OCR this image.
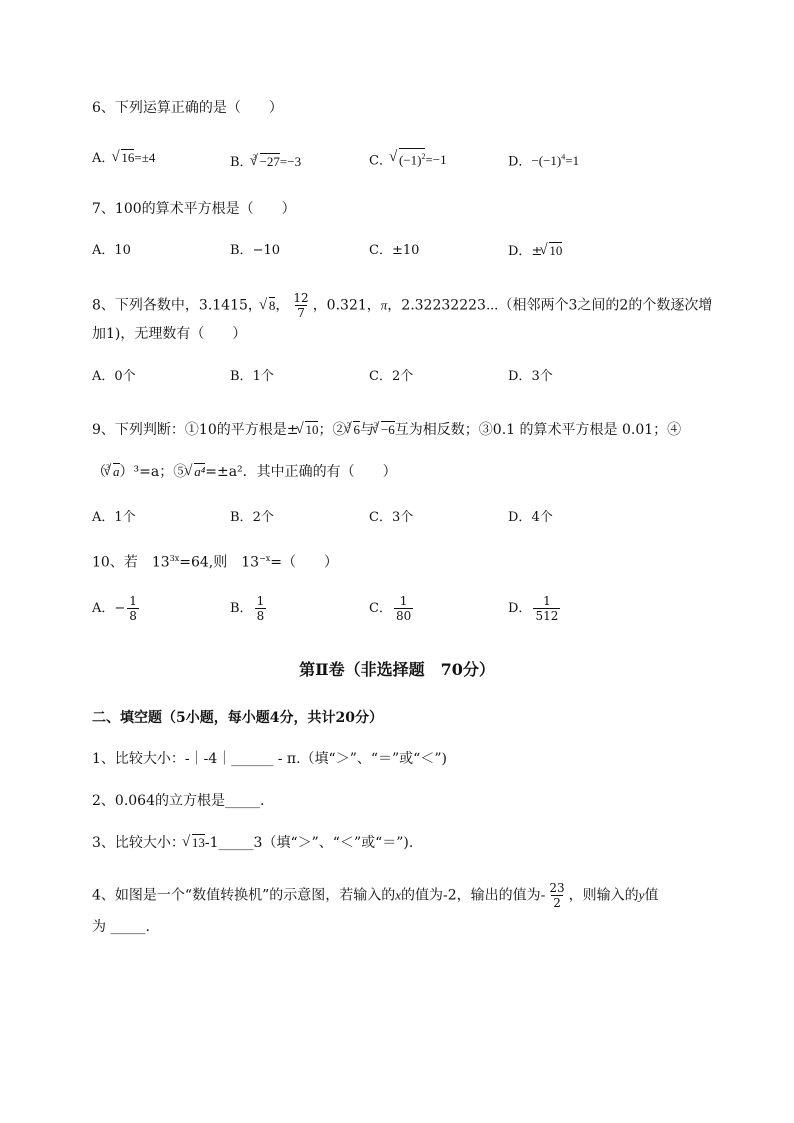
6、下列运算正确的是（　　）
A． √ 16=±4	B．$^3$ √ −27=−3	C． √ $(-1)^2=-1$	D．$-(-1)^4=1$
7、100的算术平方根是（　　）
A．10	B．−10	C．±10	D．± √ 10
8、下列各数中，3.1415， √ 8， $\frac{12}{7}$ ，0.321，π，2.32232223⋯（相邻两个3之间的2的个数逐次增
加1)，无理数有（　　）
A．0个	B．1个	C．2个	D．3个
9、下列判断：①10的平方根是± √ 10；②$^3$ √ 6与$^3$ √ −6互为相反数；③0.1 的算术平方根是 0.01；④
（$^3$ √ a）³=a；⑤ √ a⁴=±a²．其中正确的有（　　）
A．1个	B．2个	C．3个	D．4个
10、若　$13^{3x}=64$,则　$13^{-x}=$（　　）
A．− $\frac{1}{8}$	B． $\frac{1}{8}$	C． $\frac{1}{80}$	D． $\frac{1}{512}$
第Ⅱ卷（非选择题　70分）
二、填空题（5小题，每小题4分，共计20分）
1、比较大小：-｜-4｜______ - π.（填“＞”、“＝”或“＜”)
2、0.064的立方根是_____.
3、比较大小： √ 13-1_____3（填“＞”、“＜”或“＝”).
4、如图是一个“数值转换机”的示意图，若输入的x的值为-2，输出的值为- $\frac{23}{2}$ ，则输入的y值
为 _____.
